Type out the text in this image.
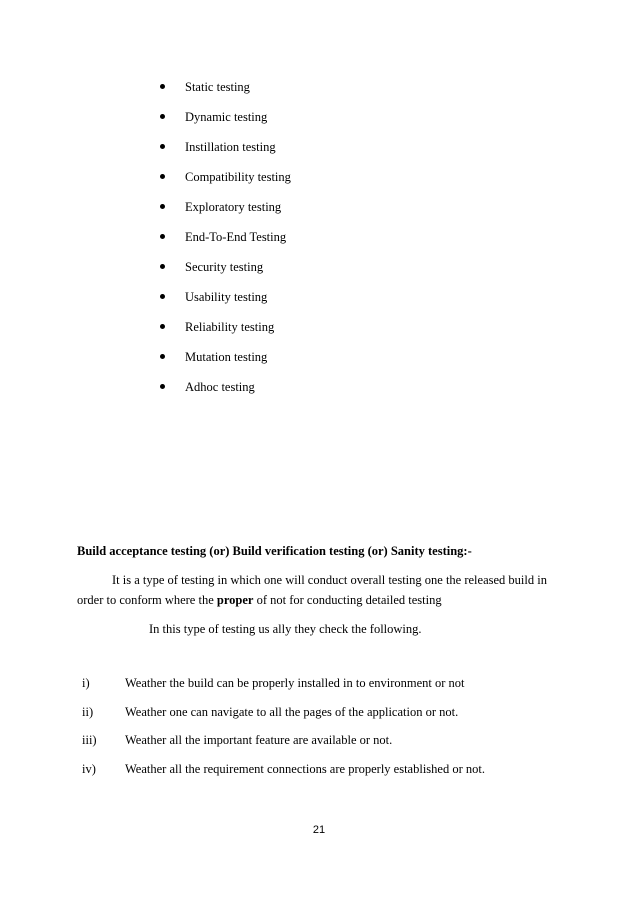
Static testing
Dynamic testing
Instillation testing
Compatibility testing
Exploratory testing
End-To-End Testing
Security testing
Usability testing
Reliability testing
Mutation testing
Adhoc testing
Build acceptance testing (or) Build verification testing (or) Sanity testing:-

It is a type of testing in which one will conduct overall testing one the released build in order to conform where the proper of not for conducting detailed testing

In this type of testing us ally they check the following.
i)	Weather the build can be properly installed in to environment or not
ii)	Weather one can navigate to all the pages of the application or not.
iii)	Weather all the important feature are available or not.
iv)	Weather all the requirement connections are properly established or not.
21
